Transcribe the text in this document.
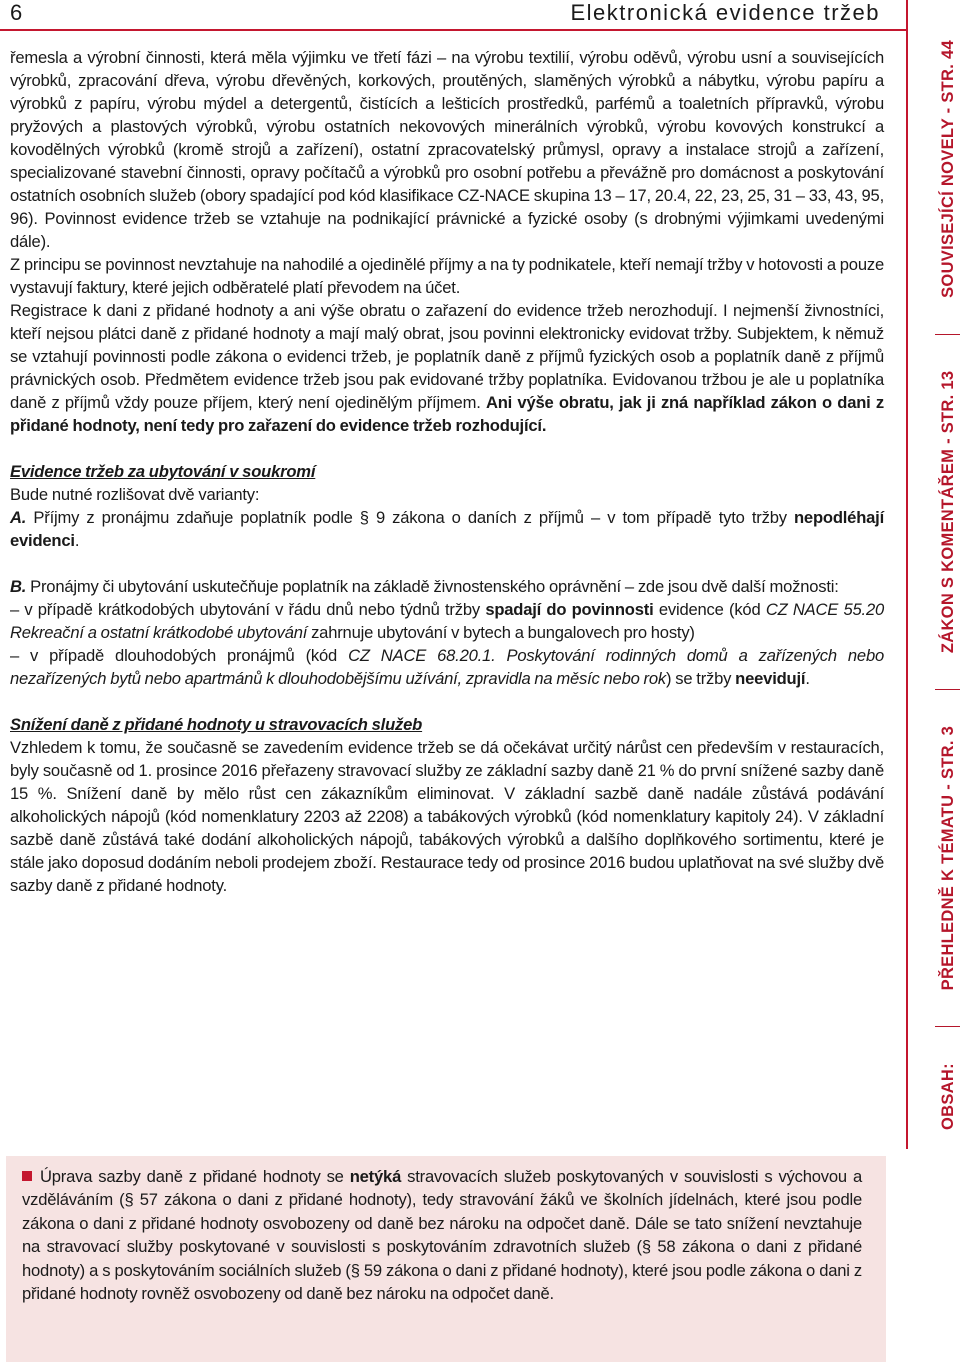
6	Elektronická evidence tržeb

řemesla a výrobní činnosti, která měla výjimku ve třetí fázi – na výrobu textilií, výrobu oděvů, výrobu usní a souvisejících výrobků, zpracování dřeva, výrobu dřevěných, korkových, proutěných, slaměných výrobků a nábytku, výrobu papíru a výrobků z papíru, výrobu mýdel a detergentů, čistících a lešticích prostředků, parfémů a toaletních přípravků, výrobu pryžových a plastových výrobků, výrobu ostatních nekovových minerálních výrobků, výrobu kovových konstrukcí a kovodělných výrobků (kromě strojů a zařízení), ostatní zpracovatelský průmysl, opravy a instalace strojů a zařízení, specializované stavební činnosti, opravy počítačů a výrobků pro osobní potřebu a převážně pro domácnost a poskytování ostatních osobních služeb (obory spadající pod kód klasifikace CZ-NACE skupina 13 – 17, 20.4, 22, 23, 25, 31 – 33, 43, 95, 96). Povinnost evidence tržeb se vztahuje na podnikající právnické a fyzické osoby (s drobnými výjimkami uvedenými dále).

Z principu se povinnost nevztahuje na nahodilé a ojedinělé příjmy a na ty podnikatele, kteří nemají tržby v hotovosti a pouze vystavují faktury, které jejich odběratelé platí převodem na účet.

Registrace k dani z přidané hodnoty a ani výše obratu o zařazení do evidence tržeb nerozhodují. I nejmenší živnostníci, kteří nejsou plátci daně z přidané hodnoty a mají malý obrat, jsou povinni elektronicky evidovat tržby. Subjektem, k němuž se vztahují povinnosti podle zákona o evidenci tržeb, je poplatník daně z příjmů fyzických osob a poplatník daně z příjmů právnických osob. Předmětem evidence tržeb jsou pak evidované tržby poplatníka. Evidovanou tržbou je ale u poplatníka daně z příjmů vždy pouze příjem, který není ojedinělým příjmem. Ani výše obratu, jak ji zná například zákon o dani z přidané hodnoty, není tedy pro zařazení do evidence tržeb rozhodující.

Evidence tržeb za ubytování v soukromí

Bude nutné rozlišovat dvě varianty:

A. Příjmy z pronájmu zdaňuje poplatník podle § 9 zákona o daních z příjmů – v tom případě tyto tržby nepodléhají evidenci.

B. Pronájmy či ubytování uskutečňuje poplatník na základě živnostenského oprávnění – zde jsou dvě další možnosti:

– v případě krátkodobých ubytování v řádu dnů nebo týdnů tržby spadají do povinnosti evidence (kód CZ NACE 55.20 Rekreační a ostatní krátkodobé ubytování zahrnuje ubytování v bytech a bungalovech pro hosty)

– v případě dlouhodobých pronájmů (kód CZ NACE 68.20.1. Poskytování rodinných domů a zařízených nebo nezařízených bytů nebo apartmánů k dlouhodobějšímu užívání, zpravidla na měsíc nebo rok) se tržby neevidují.

Snížení daně z přidané hodnoty u stravovacích služeb

Vzhledem k tomu, že současně se zavedením evidence tržeb se dá očekávat určitý nárůst cen především v restauracích, byly současně od 1. prosince 2016 přeřazeny stravovací služby ze základní sazby daně 21 % do první snížené sazby daně 15 %. Snížení daně by mělo růst cen zákazníkům eliminovat. V základní sazbě daně nadále zůstává podávání alkoholických nápojů (kód nomenklatury 2203 až 2208) a tabákových výrobků (kód nomenklatury kapitoly 24). V základní sazbě daně zůstává také dodání alkoholických nápojů, tabákových výrobků a dalšího doplňkového sortimentu, které je stále jako doposud dodáním neboli prodejem zboží. Restaurace tedy od prosince 2016 budou uplatňovat na své služby dvě sazby daně z přidané hodnoty.

Úprava sazby daně z přidané hodnoty se netýká stravovacích služeb poskytovaných v souvislosti s výchovou a vzděláváním (§ 57 zákona o dani z přidané hodnoty), tedy stravování žáků ve školních jídelnách, které jsou podle zákona o dani z přidané hodnoty osvobozeny od daně bez nároku na odpočet daně. Dále se tato snížení nevztahuje na stravovací služby poskytované v souvislosti s poskytováním zdravotních služeb (§ 58 zákona o dani z přidané hodnoty) a s poskytováním sociálních služeb (§ 59 zákona o dani z přidané hodnoty), které jsou podle zákona o dani z přidané hodnoty rovněž osvobozeny od daně bez nároku na odpočet daně.
OBSAH:
PŘEHLEDNĚ K TÉMATU - STR. 3
ZÁKON S KOMENTÁŘEM - STR. 13
SOUVISEJÍCÍ NOVELY - STR. 44
